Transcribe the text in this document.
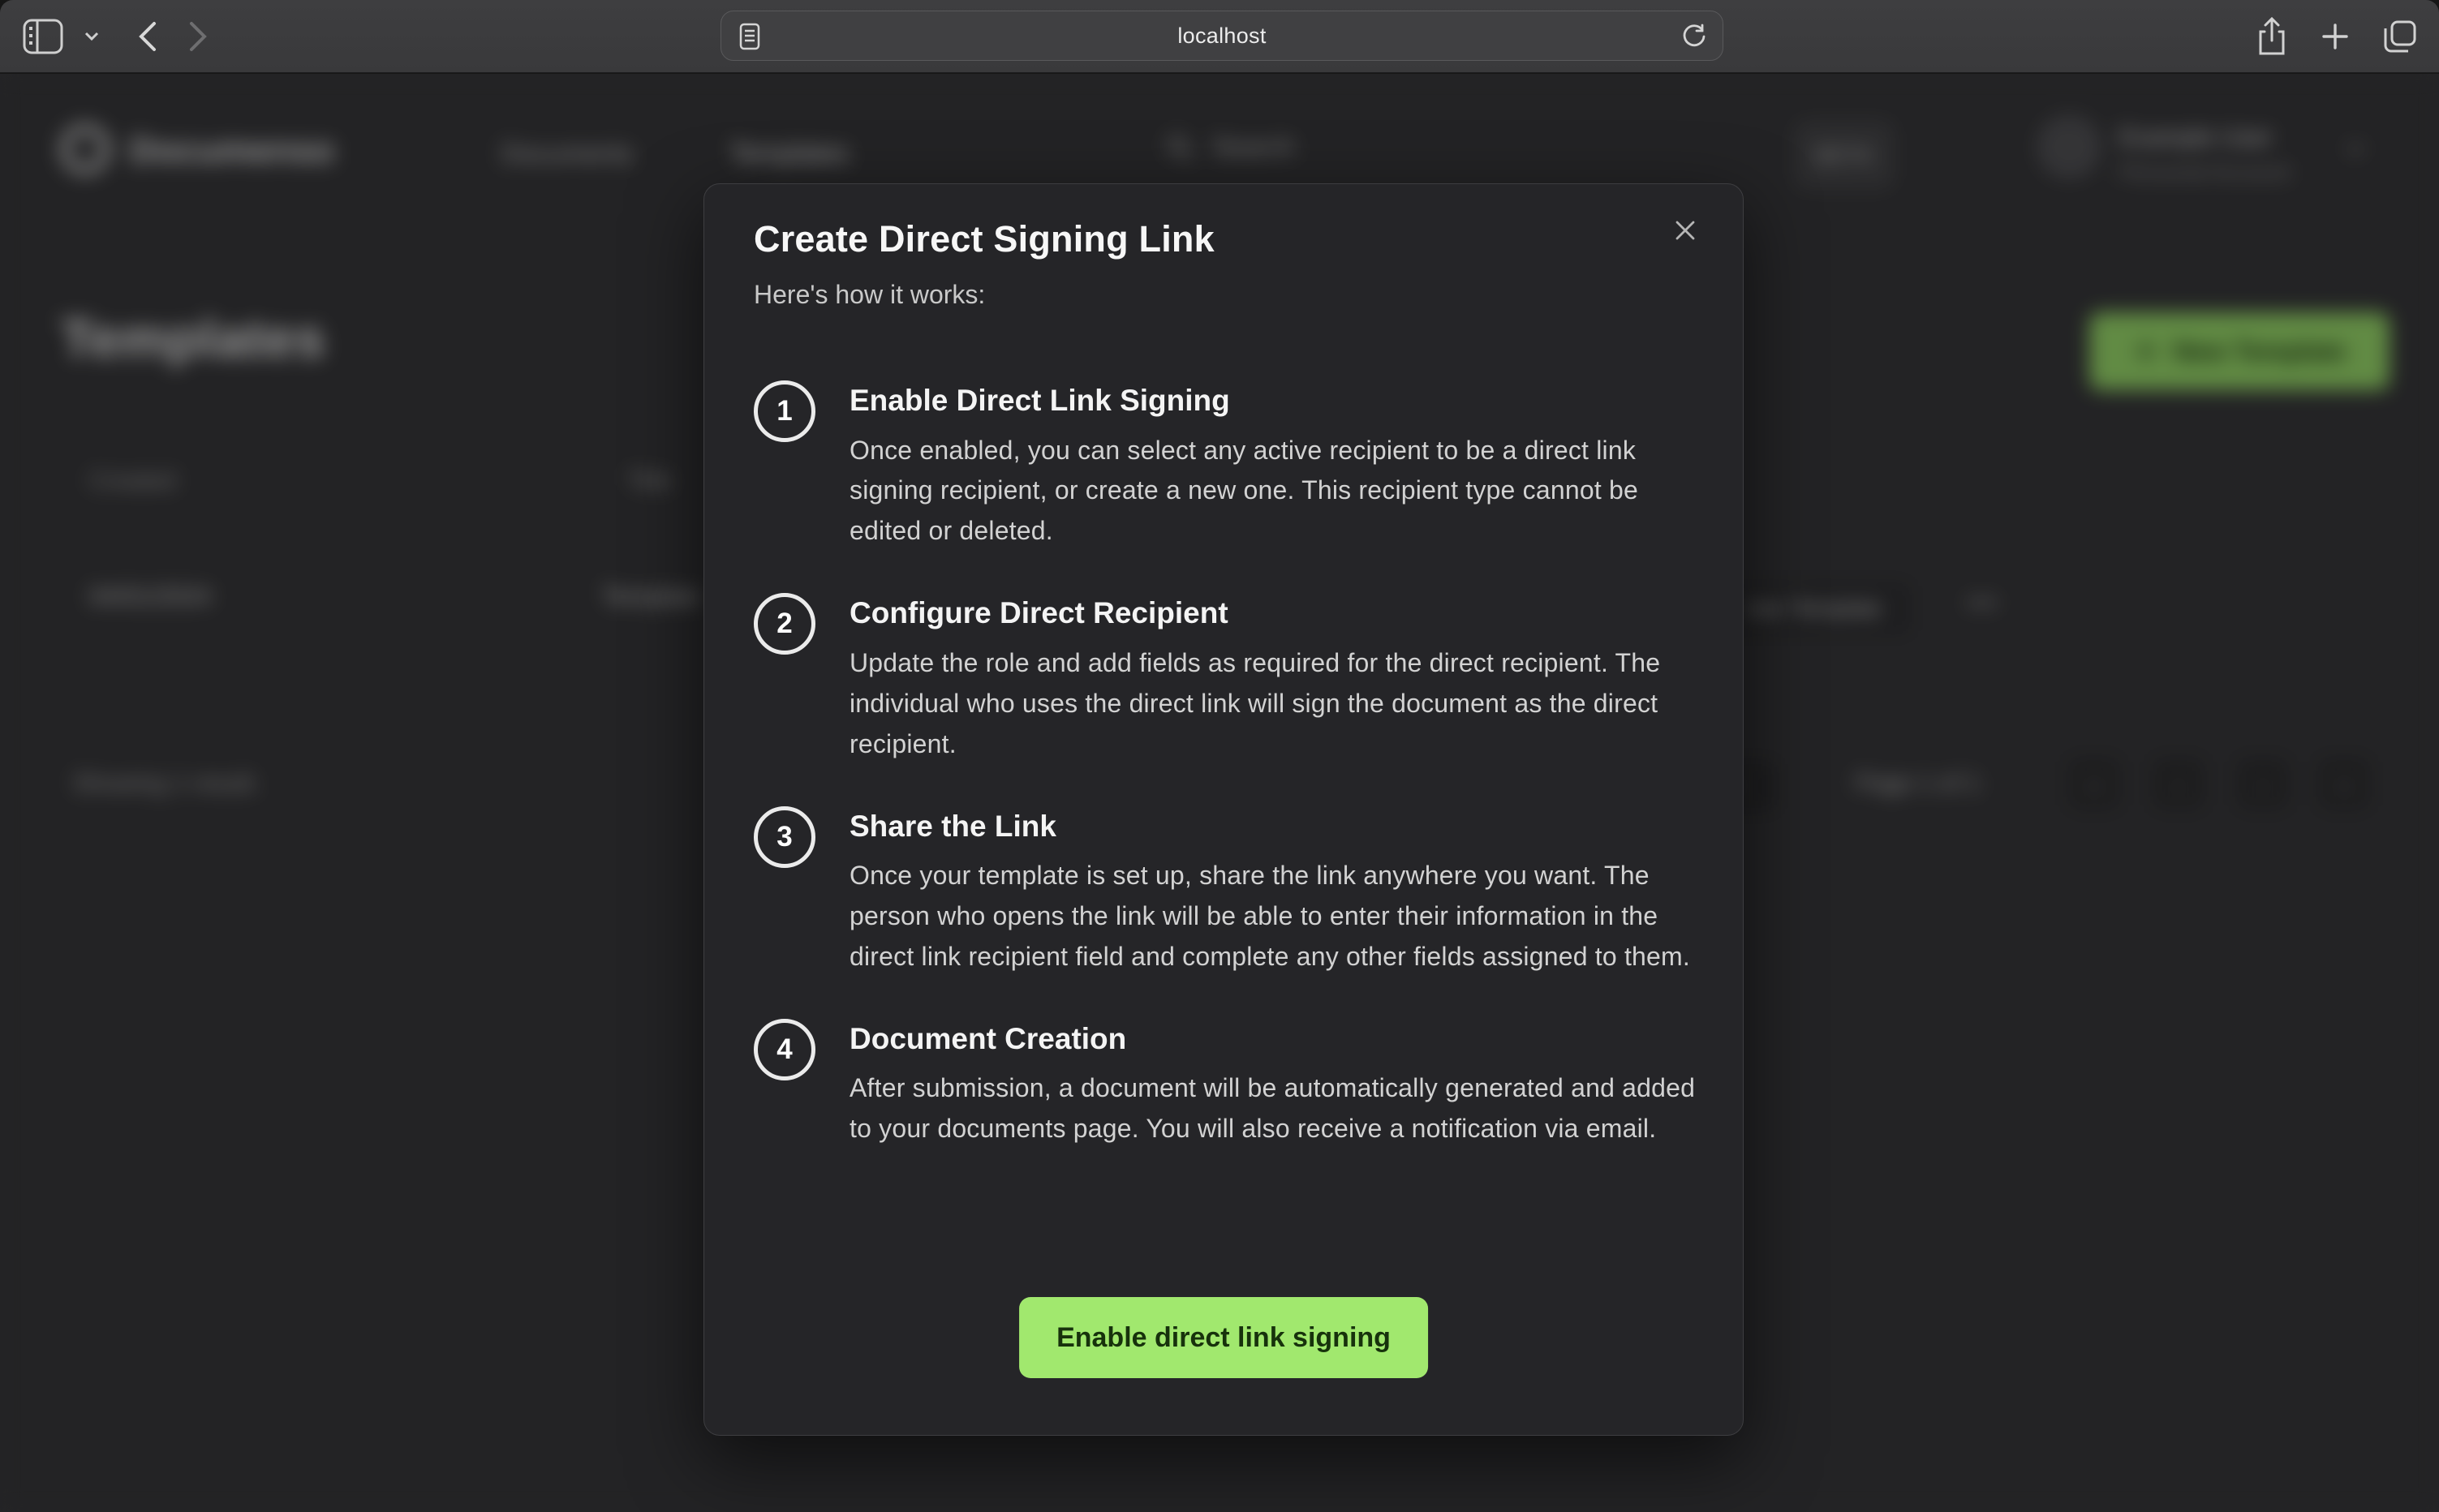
localhost
Documenso	Documents	Templates	Search	BETA
Example User
Personal Account
Templates	New Template
Created	Title
04/01/2024	Template	Use Template	•••
Showing 1 result.	Page 1 of 1	«	‹	›	»
Create Direct Signing Link
Here's how it works:
1	Enable Direct Link Signing
Once enabled, you can select any active recipient to be a direct link signing recipient, or create a new one. This recipient type cannot be edited or deleted.
2	Configure Direct Recipient
Update the role and add fields as required for the direct recipient. The individual who uses the direct link will sign the document as the direct recipient.
3	Share the Link
Once your template is set up, share the link anywhere you want. The person who opens the link will be able to enter their information in the direct link recipient field and complete any other fields assigned to them.
4	Document Creation
After submission, a document will be automatically generated and added to your documents page. You will also receive a notification via email.
Enable direct link signing
